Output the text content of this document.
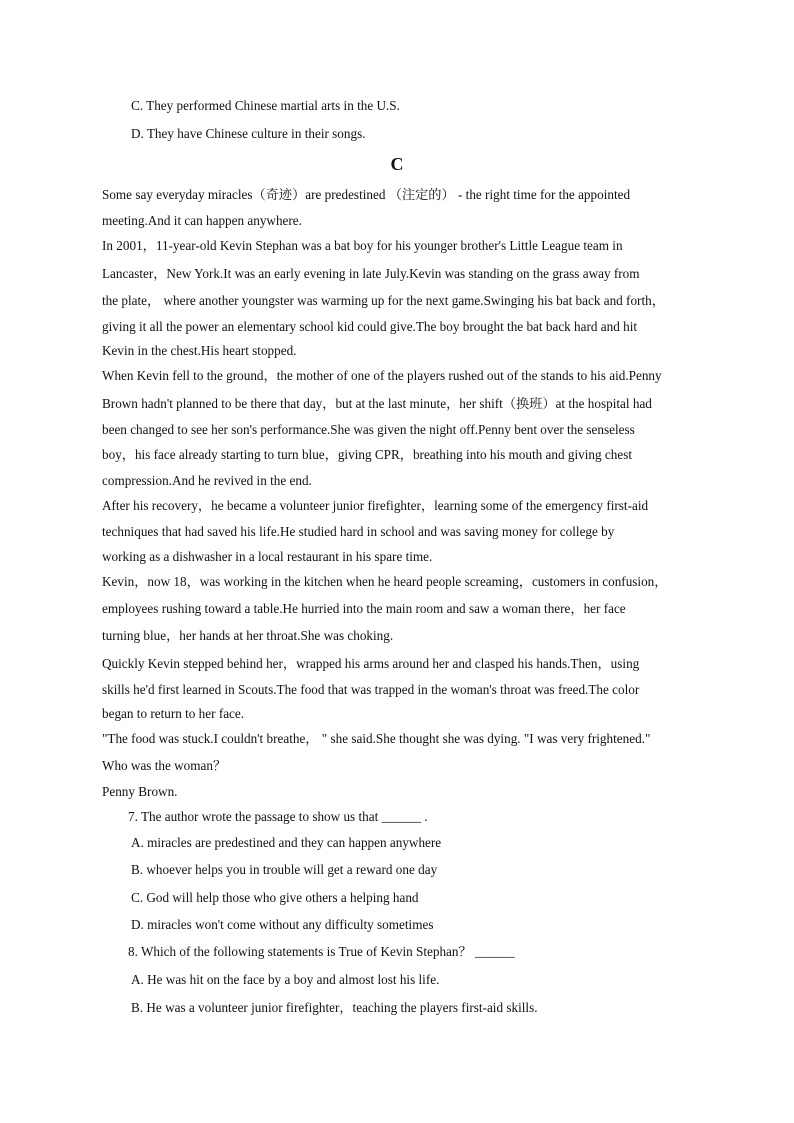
C. They performed Chinese martial arts in the U.S.
D. They have Chinese culture in their songs.
C
Some say everyday miracles（奇迹）are predestined （注定的） - the right time for the appointed
meeting.And it can happen anywhere.
In 2001，11-year-old Kevin Stephan was a bat boy for his younger brother's Little League team in
Lancaster，New York.It was an early evening in late July.Kevin was standing on the grass away from
the plate， where another youngster was warming up for the next game.Swinging his bat back and forth，
giving it all the power an elementary school kid could give.The boy brought the bat back hard and hit
Kevin in the chest.His heart stopped.
When Kevin fell to the ground，the mother of one of the players rushed out of the stands to his aid.Penny
Brown hadn't planned to be there that day，but at the last minute，her shift（换班）at the hospital had
been changed to see her son's performance.She was given the night off.Penny bent over the senseless
boy，his face already starting to turn blue，giving CPR，breathing into his mouth and giving chest
compression.And he revived in the end.
After his recovery，he became a volunteer junior firefighter，learning some of the emergency first-aid
techniques that had saved his life.He studied hard in school and was saving money for college by
working as a dishwasher in a local restaurant in his spare time.
Kevin，now 18，was working in the kitchen when he heard people screaming，customers in confusion，
employees rushing toward a table.He hurried into the main room and saw a woman there，her face
turning blue，her hands at her throat.She was choking.
Quickly Kevin stepped behind her，wrapped his arms around her and clasped his hands.Then，using
skills he'd first learned in Scouts.The food that was trapped in the woman's throat was freed.The color
began to return to her face.
"The food was stuck.I couldn't breathe， " she said.She thought she was dying. "I was very frightened."
Who was the woman？
Penny Brown.
7. The author wrote the passage to show us that ______ .
A. miracles are predestined and they can happen anywhere
B. whoever helps you in trouble will get a reward one day
C. God will help those who give others a helping hand
D. miracles won't come without any difficulty sometimes
8. Which of the following statements is True of Kevin Stephan？ ______
A. He was hit on the face by a boy and almost lost his life.
B. He was a volunteer junior firefighter，teaching the players first-aid skills.
